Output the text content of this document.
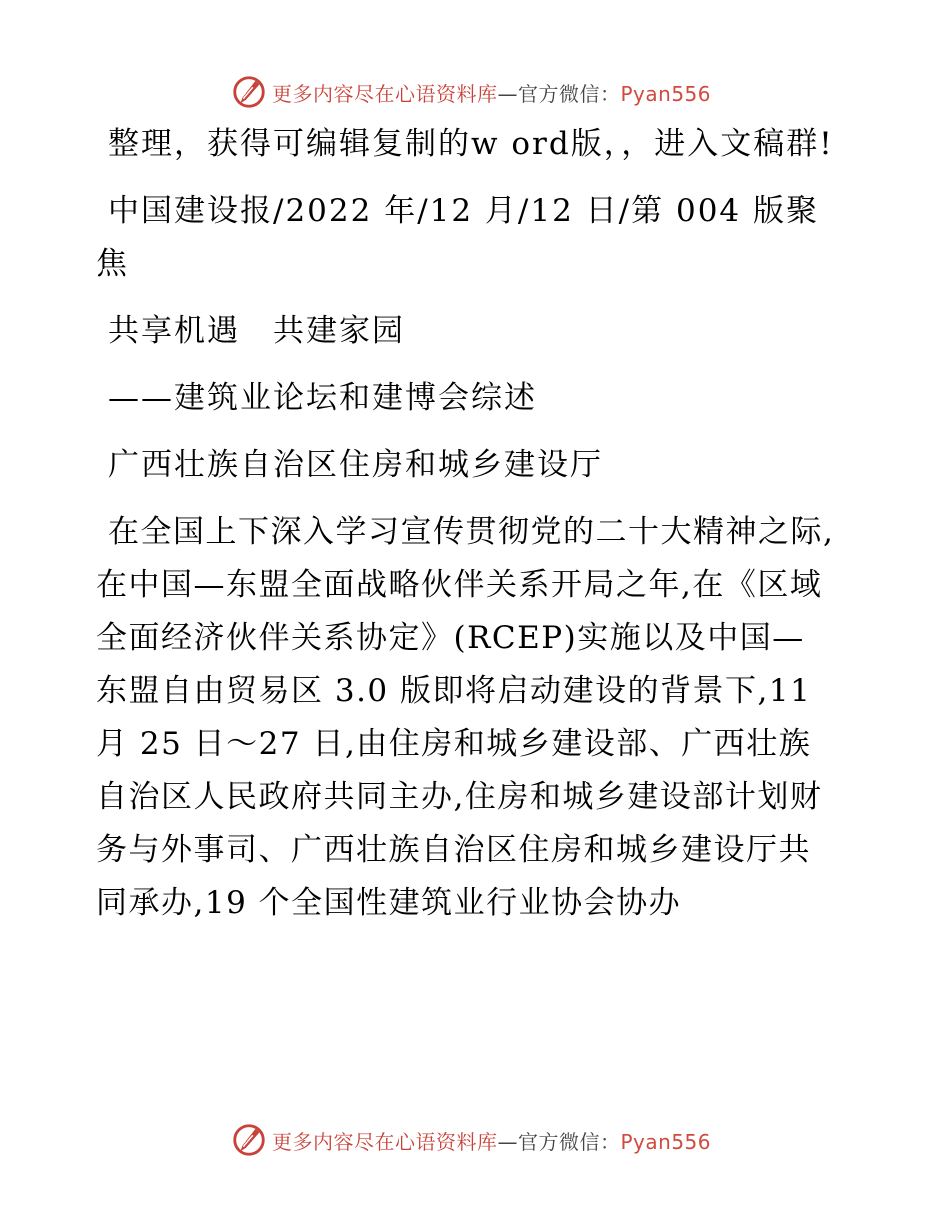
更多内容尽在心语资料库—官方微信：Pyan556

整理，获得可编辑复制的w ord版，，进入文稿群!

中国建设报/2022 年/12 月/12 日/第 004 版聚焦

共享机遇　共建家园

——建筑业论坛和建博会综述

广西壮族自治区住房和城乡建设厅

在全国上下深入学习宣传贯彻党的二十大精神之际,在中国—东盟全面战略伙伴关系开局之年,在《区域全面经济伙伴关系协定》(RCEP)实施以及中国—东盟自由贸易区 3.0 版即将启动建设的背景下,11 月 25 日～27 日,由住房和城乡建设部、广西壮族自治区人民政府共同主办,住房和城乡建设部计划财务与外事司、广西壮族自治区住房和城乡建设厅共同承办,19 个全国性建筑业行业协会协办

更多内容尽在心语资料库—官方微信：Pyan556
